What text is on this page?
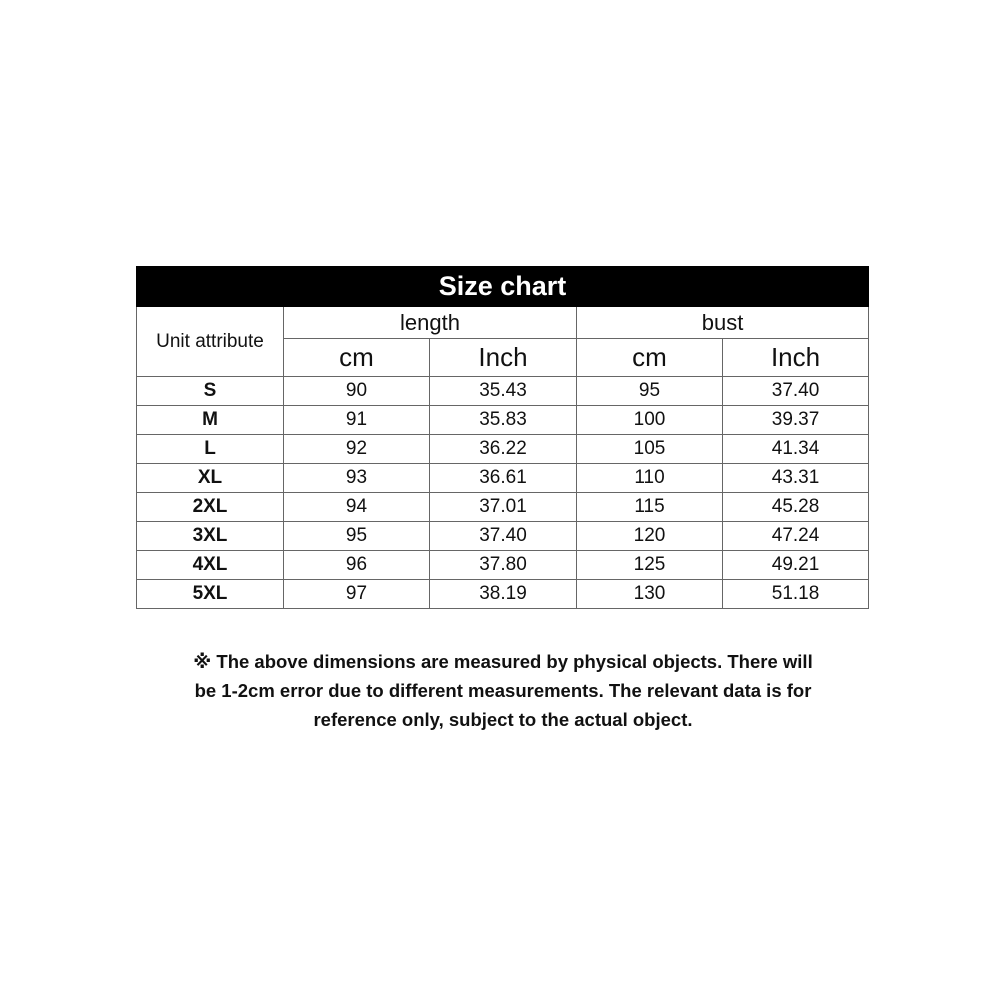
Size chart				
Unit attribute	length		bust	
	cm	Inch	cm	Inch
S	90	35.43	95	37.40
M	91	35.83	100	39.37
L	92	36.22	105	41.34
XL	93	36.61	110	43.31
2XL	94	37.01	115	45.28
3XL	95	37.40	120	47.24
4XL	96	37.80	125	49.21
5XL	97	38.19	130	51.18
※ The above dimensions are measured by physical objects. There will
be 1-2cm error due to different measurements. The relevant data is for
reference only, subject to the actual object.
